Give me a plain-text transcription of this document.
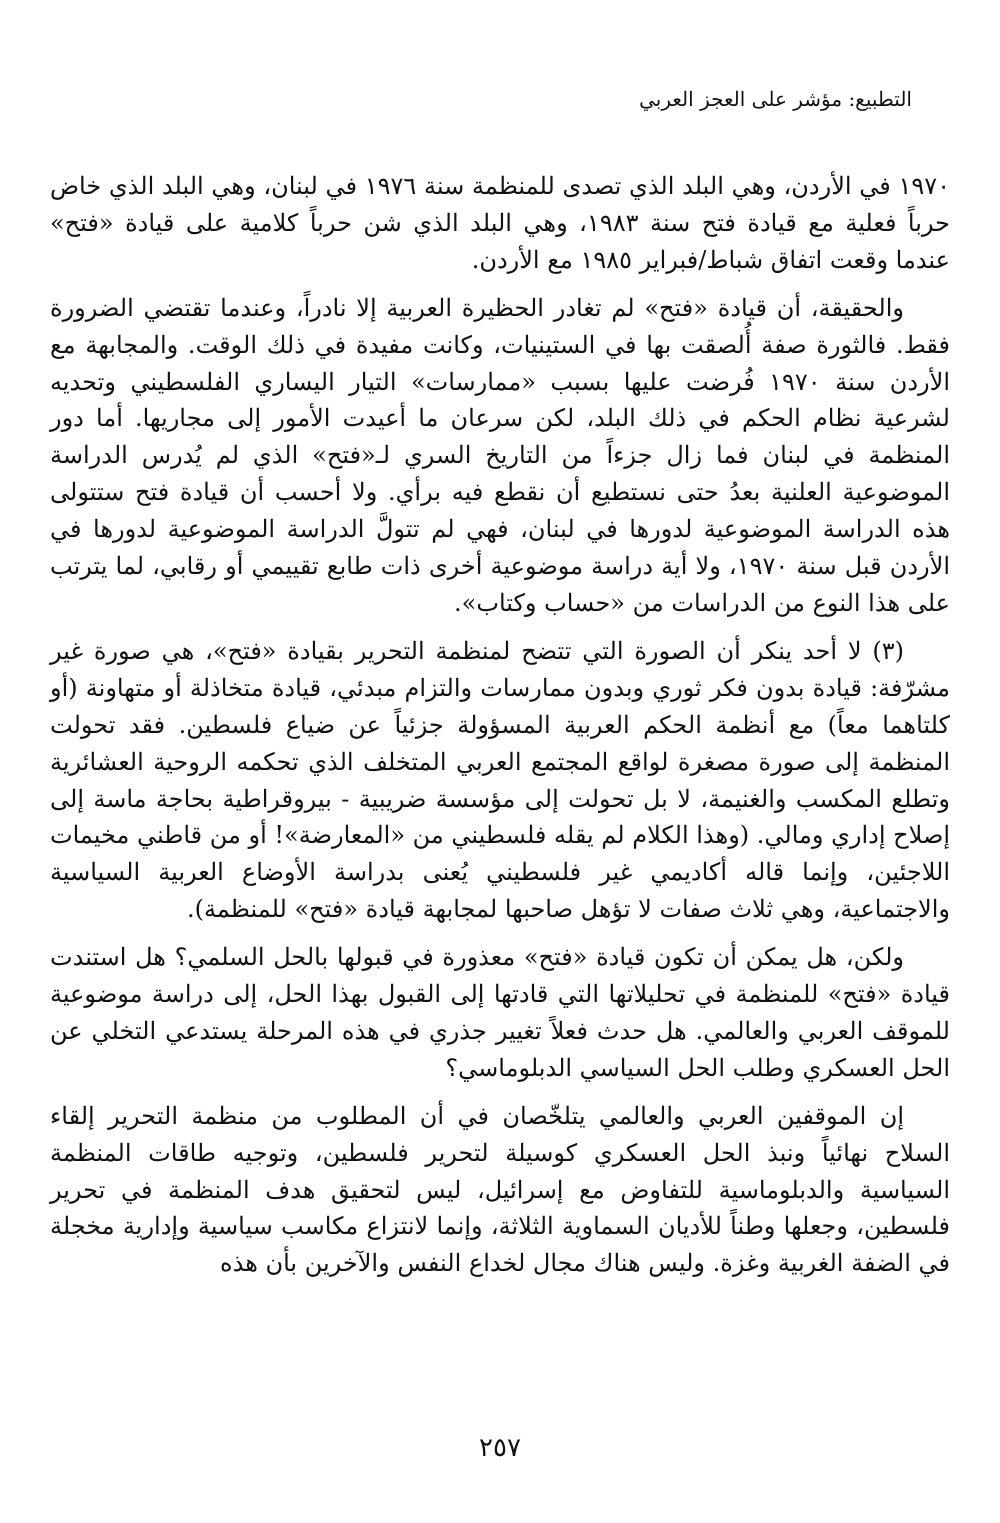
التطبيع: مؤشر على العجز العربي

١٩٧٠ في الأردن، وهي البلد الذي تصدى للمنظمة سنة ١٩٧٦ في لبنان، وهي البلد الذي خاض حرباً فعلية مع قيادة فتح سنة ١٩٨٣، وهي البلد الذي شن حرباً كلامية على قيادة «فتح» عندما وقعت اتفاق شباط/فبراير ١٩٨٥ مع الأردن.

والحقيقة، أن قيادة «فتح» لم تغادر الحظيرة العربية إلا نادراً، وعندما تقتضي الضرورة فقط. فالثورة صفة أُلصقت بها في الستينيات، وكانت مفيدة في ذلك الوقت. والمجابهة مع الأردن سنة ١٩٧٠ فُرضت عليها بسبب «ممارسات» التيار اليساري الفلسطيني وتحديه لشرعية نظام الحكم في ذلك البلد، لكن سرعان ما أعيدت الأمور إلى مجاريها. أما دور المنظمة في لبنان فما زال جزءاً من التاريخ السري لـ«فتح» الذي لم يُدرس الدراسة الموضوعية العلنية بعدُ حتى نستطيع أن نقطع فيه برأي. ولا أحسب أن قيادة فتح ستتولى هذه الدراسة الموضوعية لدورها في لبنان، فهي لم تتولَّ الدراسة الموضوعية لدورها في الأردن قبل سنة ١٩٧٠، ولا أية دراسة موضوعية أخرى ذات طابع تقييمي أو رقابي، لما يترتب على هذا النوع من الدراسات من «حساب وكتاب».

(٣) لا أحد ينكر أن الصورة التي تتضح لمنظمة التحرير بقيادة «فتح»، هي صورة غير مشرّفة: قيادة بدون فكر ثوري وبدون ممارسات والتزام مبدئي، قيادة متخاذلة أو متهاونة (أو كلتاهما معاً) مع أنظمة الحكم العربية المسؤولة جزئياً عن ضياع فلسطين. فقد تحولت المنظمة إلى صورة مصغرة لواقع المجتمع العربي المتخلف الذي تحكمه الروحية العشائرية وتطلع المكسب والغنيمة، لا بل تحولت إلى مؤسسة ضريبية - بيروقراطية بحاجة ماسة إلى إصلاح إداري ومالي. (وهذا الكلام لم يقله فلسطيني من «المعارضة»! أو من قاطني مخيمات اللاجئين، وإنما قاله أكاديمي غير فلسطيني يُعنى بدراسة الأوضاع العربية السياسية والاجتماعية، وهي ثلاث صفات لا تؤهل صاحبها لمجابهة قيادة «فتح» للمنظمة).

ولكن، هل يمكن أن تكون قيادة «فتح» معذورة في قبولها بالحل السلمي؟ هل استندت قيادة «فتح» للمنظمة في تحليلاتها التي قادتها إلى القبول بهذا الحل، إلى دراسة موضوعية للموقف العربي والعالمي. هل حدث فعلاً تغيير جذري في هذه المرحلة يستدعي التخلي عن الحل العسكري وطلب الحل السياسي الدبلوماسي؟

إن الموقفين العربي والعالمي يتلخّصان في أن المطلوب من منظمة التحرير إلقاء السلاح نهائياً ونبذ الحل العسكري كوسيلة لتحرير فلسطين، وتوجيه طاقات المنظمة السياسية والدبلوماسية للتفاوض مع إسرائيل، ليس لتحقيق هدف المنظمة في تحرير فلسطين، وجعلها وطناً للأديان السماوية الثلاثة، وإنما لانتزاع مكاسب سياسية وإدارية مخجلة في الضفة الغربية وغزة. وليس هناك مجال لخداع النفس والآخرين بأن هذه

٢٥٧
